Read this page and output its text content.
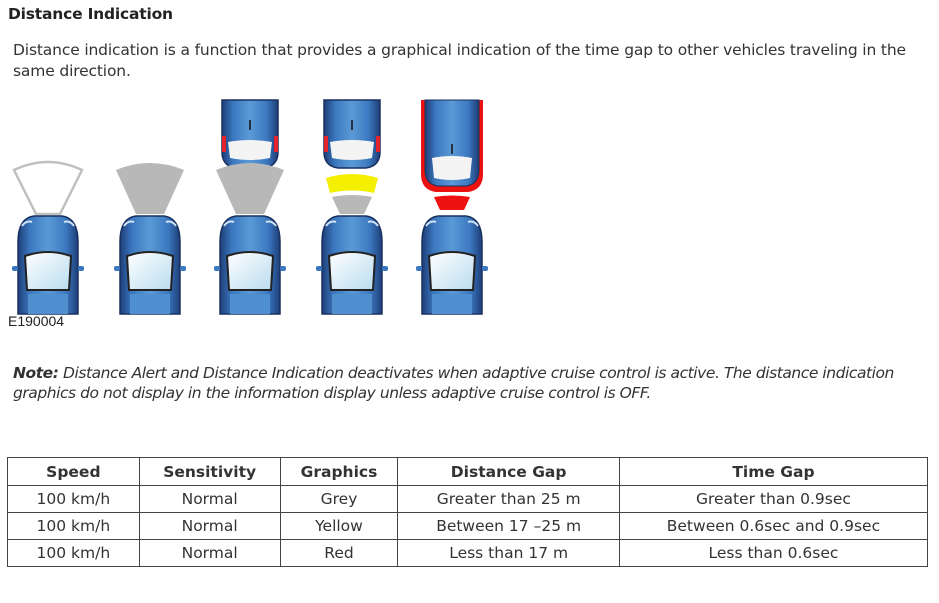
Distance Indication
Distance indication is a function that provides a graphical indication of the time gap to other vehicles traveling in the same direction.
E190004
Note: Distance Alert and Distance Indication deactivates when adaptive cruise control is active. The distance indication graphics do not display in the information display unless adaptive cruise control is OFF.
Speed	Sensitivity	Graphics	Distance Gap	Time Gap
100 km/h	Normal	Grey	Greater than 25 m	Greater than 0.9sec
100 km/h	Normal	Yellow	Between 17 –25 m	Between 0.6sec and 0.9sec
100 km/h	Normal	Red	Less than 17 m	Less than 0.6sec
